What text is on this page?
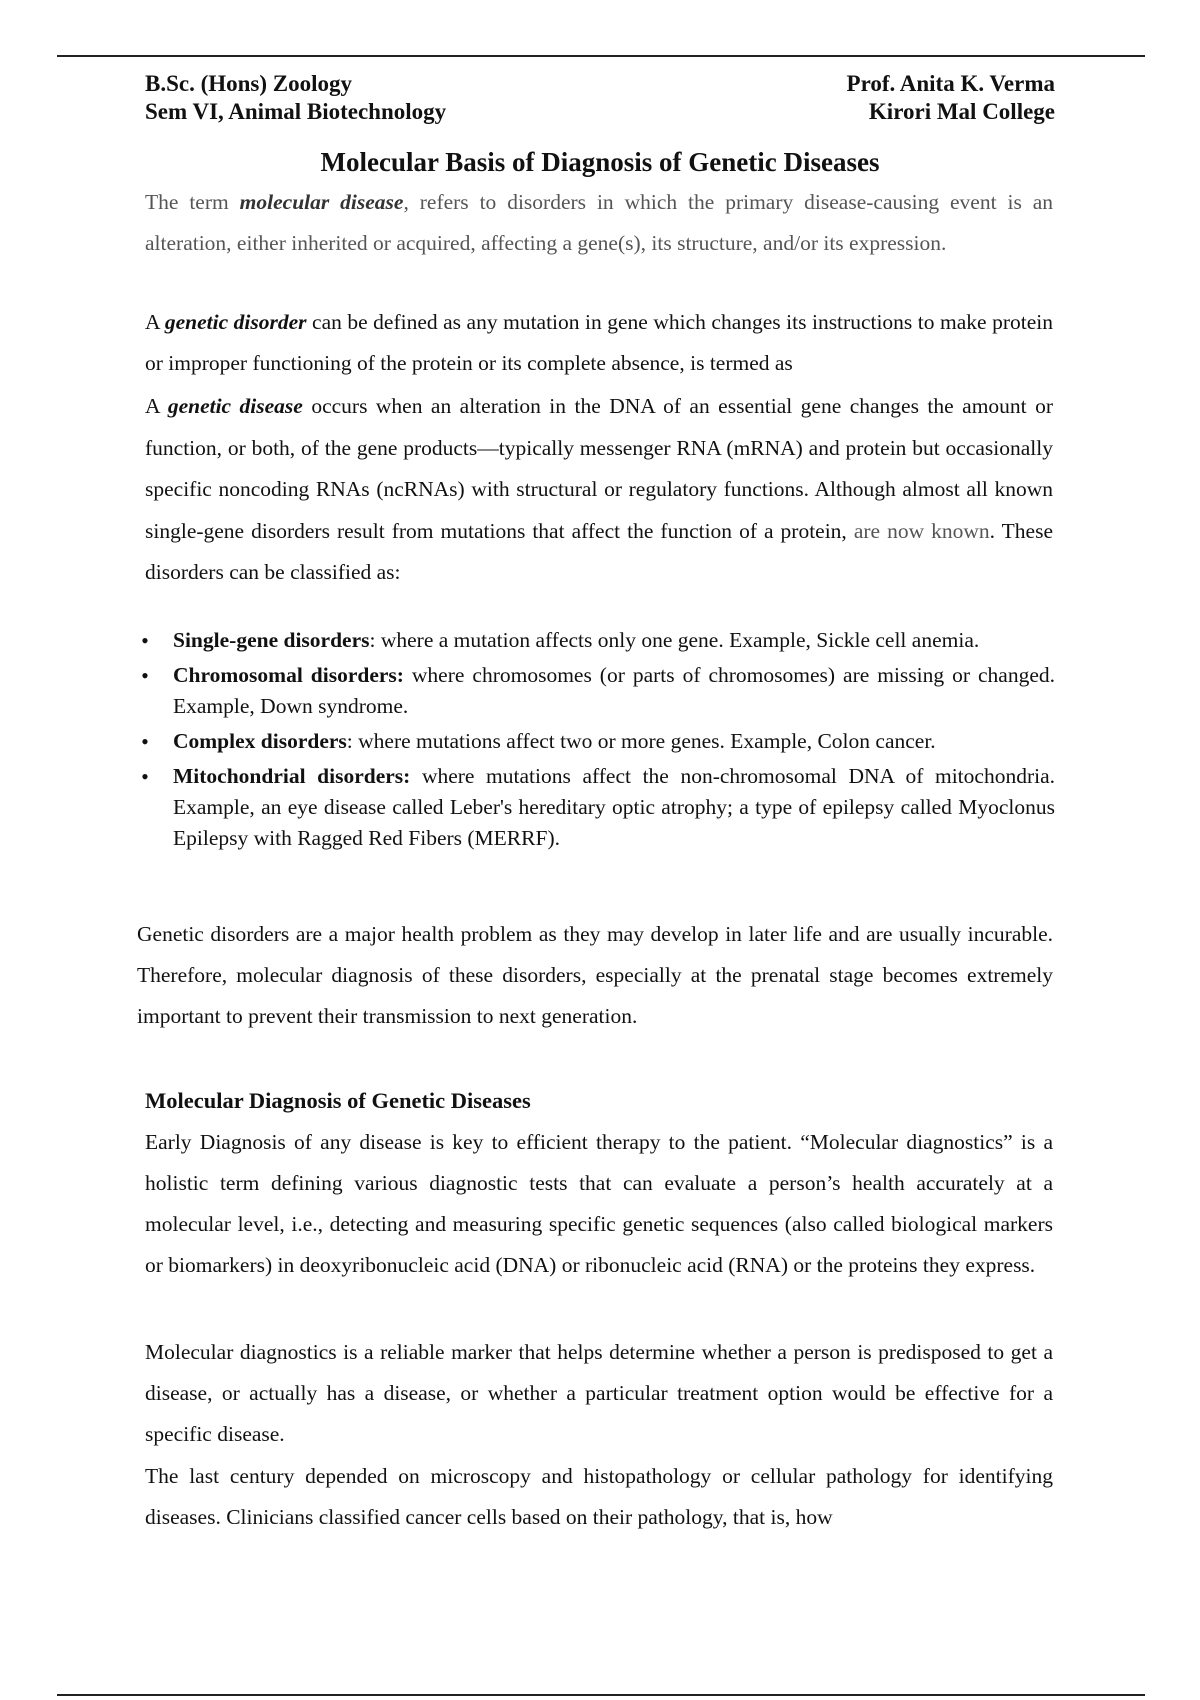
B.Sc. (Hons) Zoology
Sem VI, Animal Biotechnology
Prof. Anita K. Verma
Kirori Mal College
Molecular Basis of Diagnosis of Genetic Diseases

The term molecular disease, refers to disorders in which the primary disease-causing event is an alteration, either inherited or acquired, affecting a gene(s), its structure, and/or its expression.

A genetic disorder can be defined as any mutation in gene which changes its instructions to make protein or improper functioning of the protein or its complete absence, is termed as

A genetic disease occurs when an alteration in the DNA of an essential gene changes the amount or function, or both, of the gene products—typically messenger RNA (mRNA) and protein but occasionally specific noncoding RNAs (ncRNAs) with structural or regulatory functions. Although almost all known single-gene disorders result from mutations that affect the function of a protein, are now known. These disorders can be classified as:

• Single-gene disorders: where a mutation affects only one gene. Example, Sickle cell anemia.
• Chromosomal disorders: where chromosomes (or parts of chromosomes) are missing or changed. Example, Down syndrome.
• Complex disorders: where mutations affect two or more genes. Example, Colon cancer.
• Mitochondrial disorders: where mutations affect the non-chromosomal DNA of mitochondria. Example, an eye disease called Leber's hereditary optic atrophy; a type of epilepsy called Myoclonus Epilepsy with Ragged Red Fibers (MERRF).

Genetic disorders are a major health problem as they may develop in later life and are usually incurable. Therefore, molecular diagnosis of these disorders, especially at the prenatal stage becomes extremely important to prevent their transmission to next generation.

Molecular Diagnosis of Genetic Diseases

Early Diagnosis of any disease is key to efficient therapy to the patient. “Molecular diagnostics” is a holistic term defining various diagnostic tests that can evaluate a person’s health accurately at a molecular level, i.e., detecting and measuring specific genetic sequences (also called biological markers or biomarkers) in deoxyribonucleic acid (DNA) or ribonucleic acid (RNA) or the proteins they express.

Molecular diagnostics is a reliable marker that helps determine whether a person is predisposed to get a disease, or actually has a disease, or whether a particular treatment option would be effective for a specific disease.

The last century depended on microscopy and histopathology or cellular pathology for identifying diseases. Clinicians classified cancer cells based on their pathology, that is, how
